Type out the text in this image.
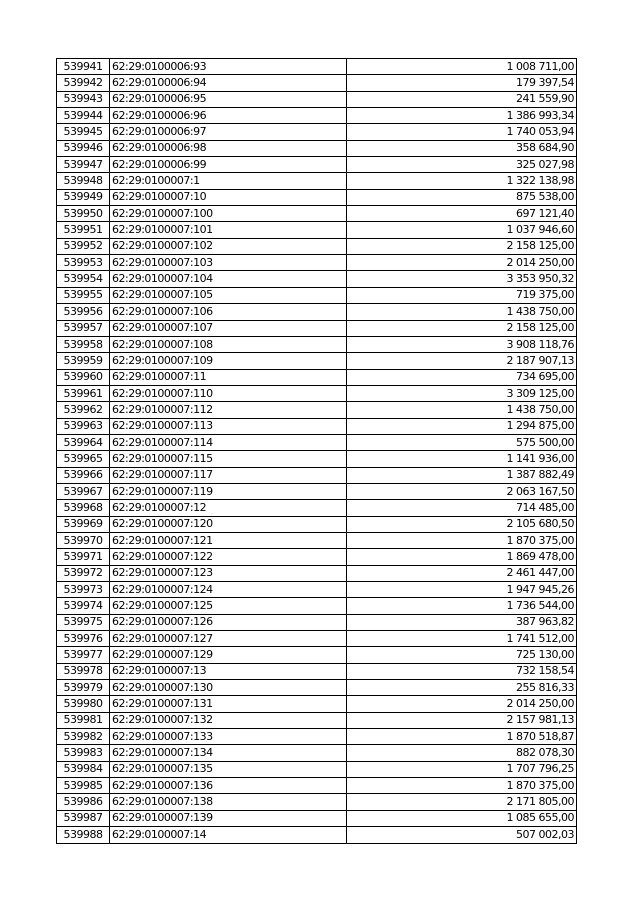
539941	62:29:0100006:93	1 008 711,00
539942	62:29:0100006:94	179 397,54
539943	62:29:0100006:95	241 559,90
539944	62:29:0100006:96	1 386 993,34
539945	62:29:0100006:97	1 740 053,94
539946	62:29:0100006:98	358 684,90
539947	62:29:0100006:99	325 027,98
539948	62:29:0100007:1	1 322 138,98
539949	62:29:0100007:10	875 538,00
539950	62:29:0100007:100	697 121,40
539951	62:29:0100007:101	1 037 946,60
539952	62:29:0100007:102	2 158 125,00
539953	62:29:0100007:103	2 014 250,00
539954	62:29:0100007:104	3 353 950,32
539955	62:29:0100007:105	719 375,00
539956	62:29:0100007:106	1 438 750,00
539957	62:29:0100007:107	2 158 125,00
539958	62:29:0100007:108	3 908 118,76
539959	62:29:0100007:109	2 187 907,13
539960	62:29:0100007:11	734 695,00
539961	62:29:0100007:110	3 309 125,00
539962	62:29:0100007:112	1 438 750,00
539963	62:29:0100007:113	1 294 875,00
539964	62:29:0100007:114	575 500,00
539965	62:29:0100007:115	1 141 936,00
539966	62:29:0100007:117	1 387 882,49
539967	62:29:0100007:119	2 063 167,50
539968	62:29:0100007:12	714 485,00
539969	62:29:0100007:120	2 105 680,50
539970	62:29:0100007:121	1 870 375,00
539971	62:29:0100007:122	1 869 478,00
539972	62:29:0100007:123	2 461 447,00
539973	62:29:0100007:124	1 947 945,26
539974	62:29:0100007:125	1 736 544,00
539975	62:29:0100007:126	387 963,82
539976	62:29:0100007:127	1 741 512,00
539977	62:29:0100007:129	725 130,00
539978	62:29:0100007:13	732 158,54
539979	62:29:0100007:130	255 816,33
539980	62:29:0100007:131	2 014 250,00
539981	62:29:0100007:132	2 157 981,13
539982	62:29:0100007:133	1 870 518,87
539983	62:29:0100007:134	882 078,30
539984	62:29:0100007:135	1 707 796,25
539985	62:29:0100007:136	1 870 375,00
539986	62:29:0100007:138	2 171 805,00
539987	62:29:0100007:139	1 085 655,00
539988	62:29:0100007:14	507 002,03
